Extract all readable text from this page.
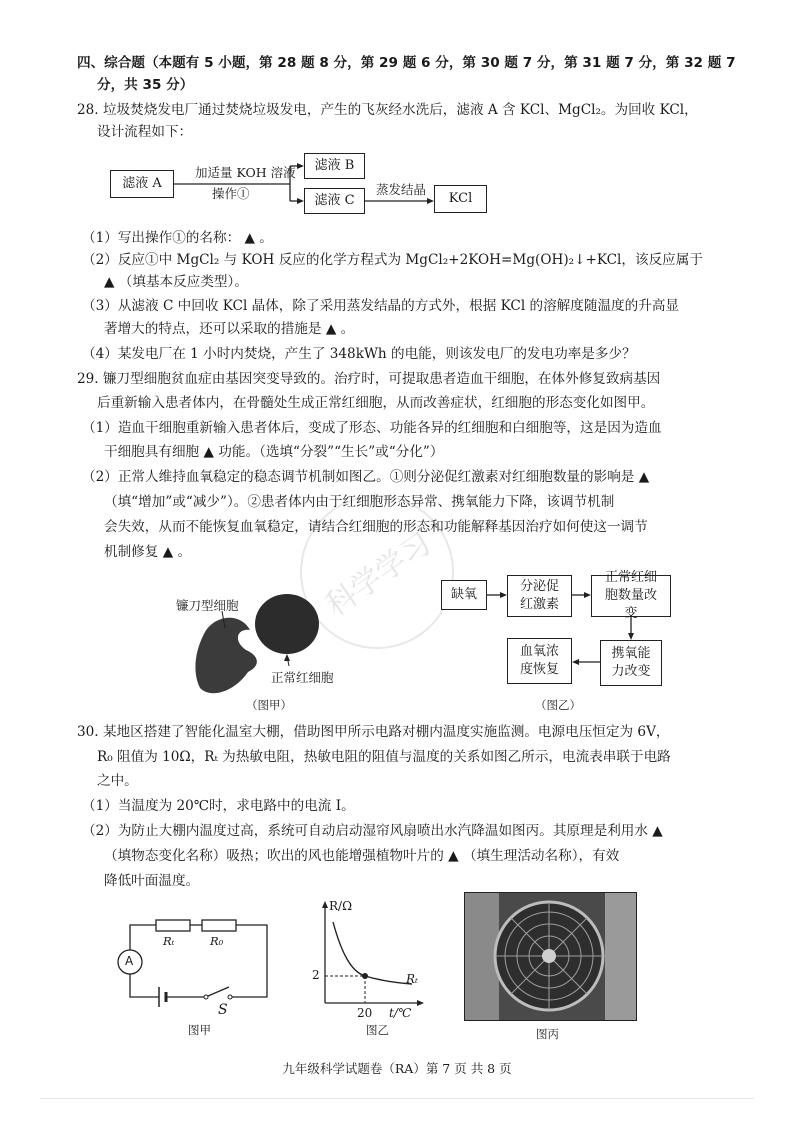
科学学习
四、综合题（本题有 5 小题，第 28 题 8 分，第 29 题 6 分，第 30 题 7 分，第 31 题 7 分，第 32 题 7
分，共 35 分）
28. 垃圾焚烧发电厂通过焚烧垃圾发电，产生的飞灰经水洗后，滤液 A 含 KCl、MgCl₂。为回收 KCl，
设计流程如下：
滤液 A
加适量 KOH 溶液
操作①
滤液 B
滤液 C
蒸发结晶
KCl
（1）写出操作①的名称： ▲ 。
（2）反应①中 MgCl₂ 与 KOH 反应的化学方程式为 MgCl₂+2KOH=Mg(OH)₂↓+KCl，该反应属于
▲ （填基本反应类型）。
（3）从滤液 C 中回收 KCl 晶体，除了采用蒸发结晶的方式外，根据 KCl 的溶解度随温度的升高显
著增大的特点，还可以采取的措施是 ▲ 。
（4）某发电厂在 1 小时内焚烧，产生了 348kWh 的电能，则该发电厂的发电功率是多少？
29. 镰刀型细胞贫血症由基因突变导致的。治疗时，可提取患者造血干细胞，在体外修复致病基因
后重新输入患者体内，在骨髓处生成正常红细胞，从而改善症状，红细胞的形态变化如图甲。
（1）造血干细胞重新输入患者体后，变成了形态、功能各异的红细胞和白细胞等，这是因为造血
干细胞具有细胞 ▲ 功能。（选填“分裂”“生长”或“分化”）
（2）正常人维持血氧稳定的稳态调节机制如图乙。①则分泌促红激素对红细胞数量的影响是 ▲
（填“增加”或“减少”）。②患者体内由于红细胞形态异常、携氧能力下降，该调节机制
会失效，从而不能恢复血氧稳定，请结合红细胞的形态和功能解释基因治疗如何使这一调节
机制修复 ▲ 。
镰刀型细胞
正常红细胞
（图甲）
缺氧
分泌促红激素
正常红细胞数量改变
携氧能力改变
血氧浓度恢复
（图乙）
30. 某地区搭建了智能化温室大棚，借助图甲所示电路对棚内温度实施监测。电源电压恒定为 6V，
R₀ 阻值为 10Ω，Rₜ 为热敏电阻，热敏电阻的阻值与温度的关系如图乙所示，电流表串联于电路
之中。
（1）当温度为 20℃时，求电路中的电流 I。
（2）为防止大棚内温度过高，系统可自动启动湿帘风扇喷出水汽降温如图丙。其原理是利用水 ▲
（填物态变化名称）吸热；吹出的风也能增强植物叶片的 ▲ （填生理活动名称），有效
降低叶面温度。
A
Rₜ	R₀
S
图甲
R/Ω
2
20 t/℃
Rₜ
图乙	图丙
九年级科学试题卷（RA）第 7 页 共 8 页
